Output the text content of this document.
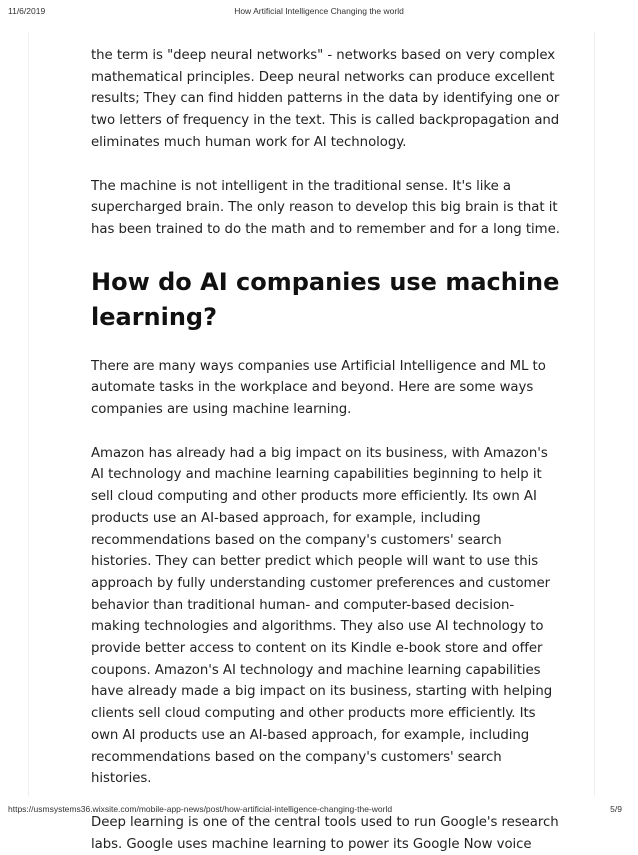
11/6/2019	How Artificial Intelligence Changing the world

the term is "deep neural networks" - networks based on very complex mathematical principles. Deep neural networks can produce excellent results; They can find hidden patterns in the data by identifying one or two letters of frequency in the text. This is called backpropagation and eliminates much human work for AI technology.

The machine is not intelligent in the traditional sense. It's like a supercharged brain. The only reason to develop this big brain is that it has been trained to do the math and to remember and for a long time.

How do AI companies use machine learning?

There are many ways companies use Artificial Intelligence and ML to automate tasks in the workplace and beyond. Here are some ways companies are using machine learning.

Amazon has already had a big impact on its business, with Amazon's AI technology and machine learning capabilities beginning to help it sell cloud computing and other products more efficiently. Its own AI products use an AI-based approach, for example, including recommendations based on the company's customers' search histories. They can better predict which people will want to use this approach by fully understanding customer preferences and customer behavior than traditional human- and computer-based decision-making technologies and algorithms. They also use AI technology to provide better access to content on its Kindle e-book store and offer coupons. Amazon's AI technology and machine learning capabilities have already made a big impact on its business, starting with helping clients sell cloud computing and other products more efficiently. Its own AI products use an AI-based approach, for example, including recommendations based on the company's customers' search histories.

Deep learning is one of the central tools used to run Google's research labs. Google uses machine learning to power its Google Now voice

https://usmsystems36.wixsite.com/mobile-app-news/post/how-artificial-intelligence-changing-the-world	5/9
